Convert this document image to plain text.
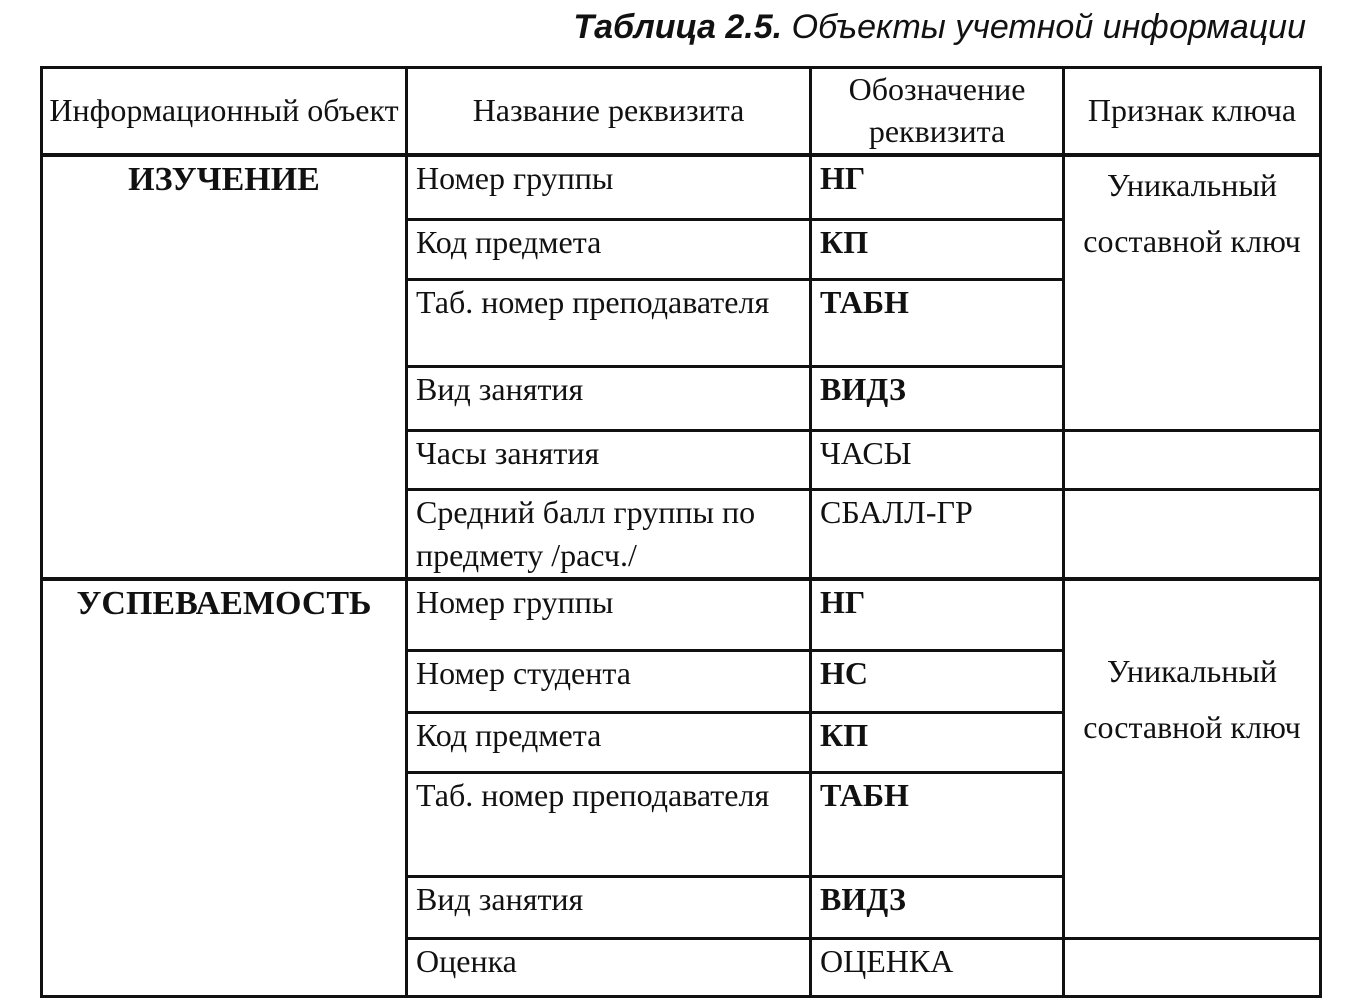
Таблица 2.5. Объекты учетной информации
Информационный объект	Название реквизита	Обозначение реквизита	Признак ключа
ИЗУЧЕНИЕ	Номер группы	НГ	Уникальный составной ключ
	Код предмета	КП	
	Таб. номер преподавателя	ТАБН	
	Вид занятия	ВИДЗ	
	Часы занятия	ЧАСЫ	
	Средний балл группы по предмету /расч./	СБАЛЛ-ГР	
УСПЕВАЕМОСТЬ	Номер группы	НГ	Уникальный составной ключ
	Номер студента	НС	
	Код предмета	КП	
	Таб. номер преподавателя	ТАБН	
	Вид занятия	ВИДЗ	
	Оценка	ОЦЕНКА	
